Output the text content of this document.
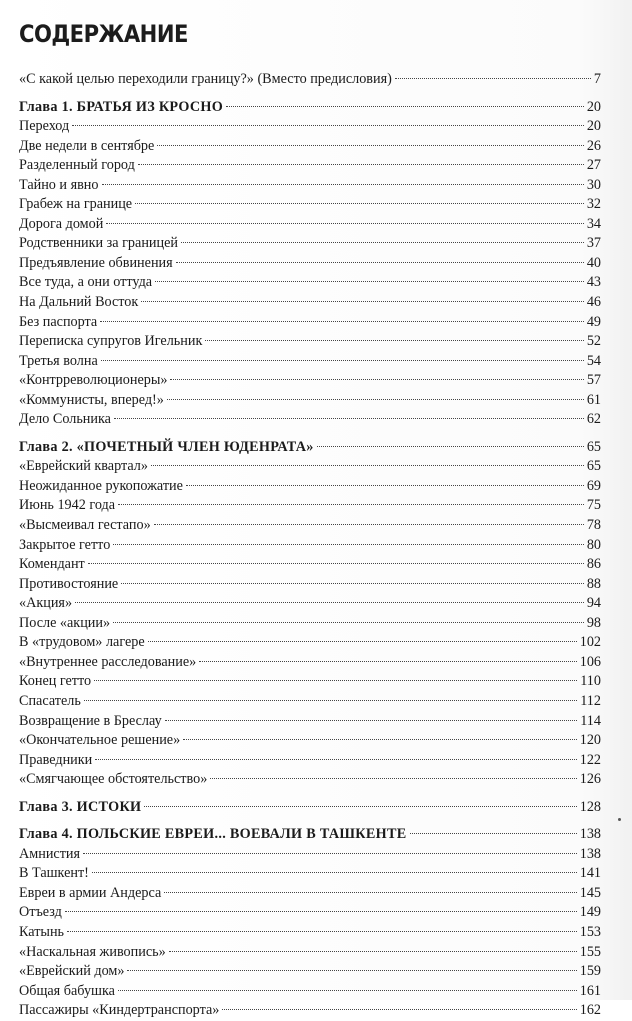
СОДЕРЖАНИЕ
«С какой целью переходили границу?» (Вместо предисловия)	7
Глава 1. БРАТЬЯ ИЗ КРОСНО	20
Переход	20
Две недели в сентябре	26
Разделенный город	27
Тайно и явно	30
Грабеж на границе	32
Дорога домой	34
Родственники за границей	37
Предъявление обвинения	40
Все туда, а они оттуда	43
На Дальний Восток	46
Без паспорта	49
Переписка супругов Игельник	52
Третья волна	54
«Контрреволюционеры»	57
«Коммунисты, вперед!»	61
Дело Сольника	62
Глава 2. «ПОЧЕТНЫЙ ЧЛЕН ЮДЕНРАТА»	65
«Еврейский квартал»	65
Неожиданное рукопожатие	69
Июнь 1942 года	75
«Высмеивал гестапо»	78
Закрытое гетто	80
Комендант	86
Противостояние	88
«Акция»	94
После «акции»	98
В «трудовом» лагере	102
«Внутреннее расследование»	106
Конец гетто	110
Спасатель	112
Возвращение в Бреслау	114
«Окончательное решение»	120
Праведники	122
«Смягчающее обстоятельство»	126
Глава 3. ИСТОКИ	128
Глава 4. ПОЛЬСКИЕ ЕВРЕИ... ВОЕВАЛИ В ТАШКЕНТЕ	138
Амнистия	138
В Ташкент!	141
Евреи в армии Андерса	145
Отъезд	149
Катынь	153
«Наскальная живопись»	155
«Еврейский дом»	159
Общая бабушка	161
Пассажиры «Киндертранспорта»	162
